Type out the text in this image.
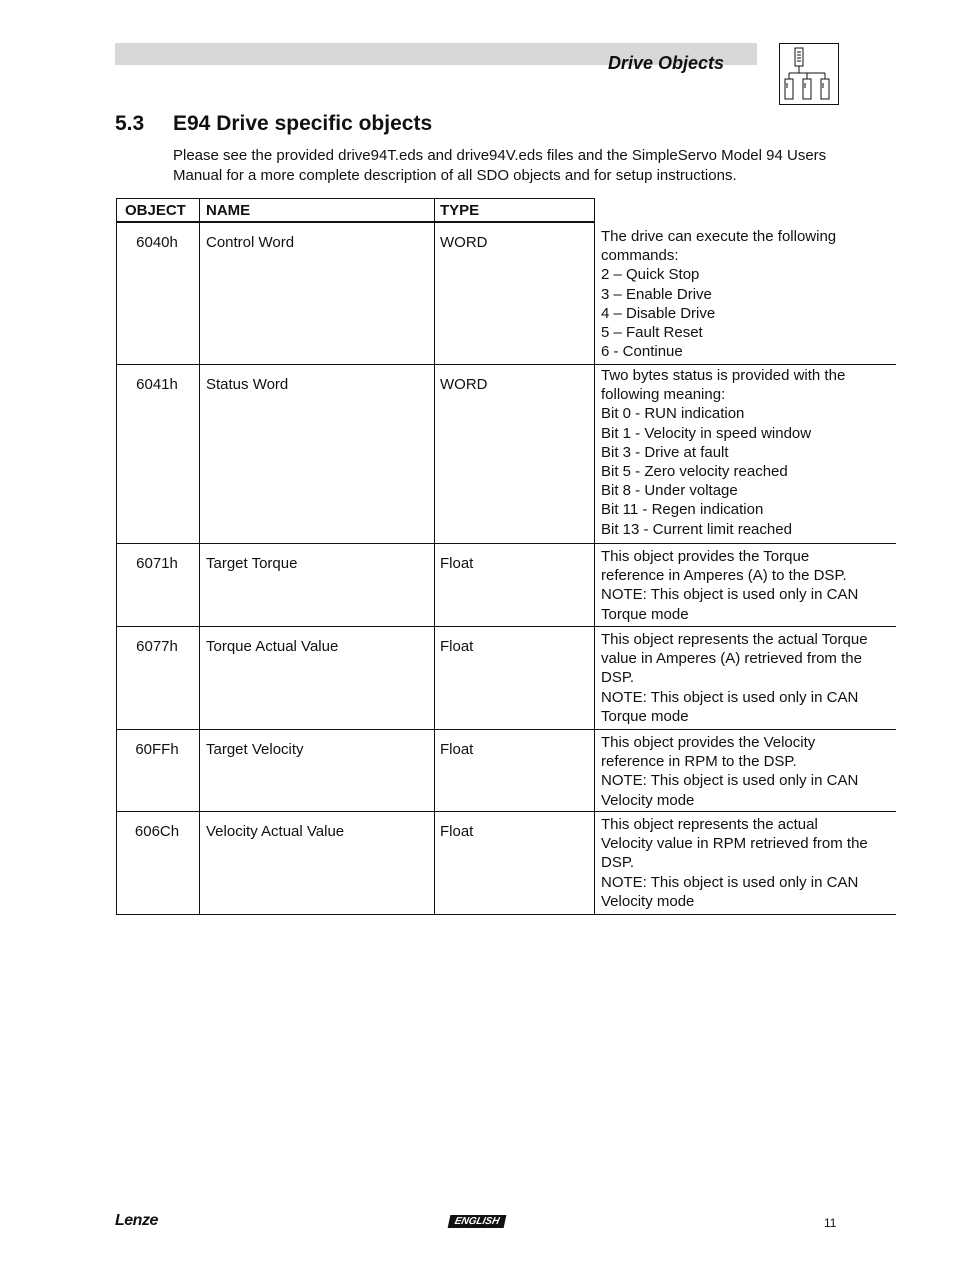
Drive Objects
5.3 E94 Drive specific objects
Please see the provided drive94T.eds and drive94V.eds files and the SimpleServo Model 94 Users
Manual for a more complete description of all SDO objects and for setup instructions.
OBJECT NAME	TYPE
6040h	Control Word	WORD	The drive can execute the following
commands:
2 – Quick Stop
3 – Enable Drive
4 – Disable Drive
5 – Fault Reset
6 - Continue
6041h	Status Word	WORD
Two bytes status is provided with the
following meaning:
Bit 0 - RUN indication
Bit 1 - Velocity in speed window
Bit 3 - Drive at fault
Bit 5 - Zero velocity reached
Bit 8 - Under voltage
Bit 11 - Regen indication
Bit 13 - Current limit reached
6071h	Target Torque	Float	This object provides the Torque
reference in Amperes (A) to the DSP.
NOTE: This object is used only in CAN
Torque mode
6077h	Torque Actual Value	Float	This object represents the actual Torque
value in Amperes (A) retrieved from the
DSP.
NOTE: This object is used only in CAN
Torque mode
60FFh	Target Velocity	Float	This object provides the Velocity
reference in RPM to the DSP.
NOTE: This object is used only in CAN
Velocity mode
606Ch	Velocity Actual Value	Float	This object represents the actual
Velocity value in RPM retrieved from the
DSP.
NOTE: This object is used only in CAN
Velocity mode
Lenze	ENGLISH	11
